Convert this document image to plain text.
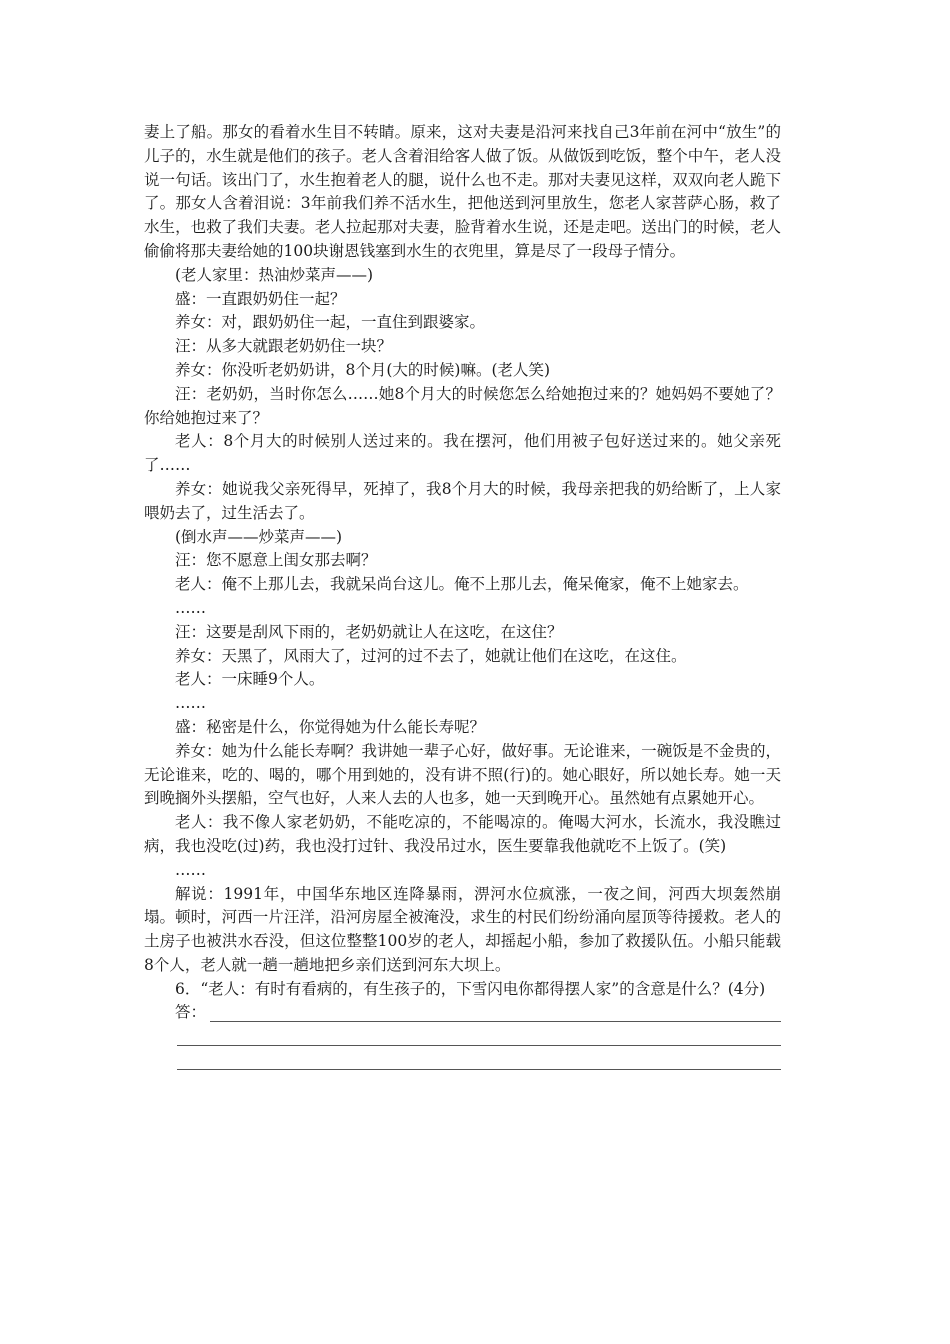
妻上了船。那女的看着水生目不转睛。原来，这对夫妻是沿河来找自己3年前在河中“放生”的儿子的，水生就是他们的孩子。老人含着泪给客人做了饭。从做饭到吃饭，整个中午，老人没说一句话。该出门了，水生抱着老人的腿，说什么也不走。那对夫妻见这样，双双向老人跪下了。那女人含着泪说：3年前我们养不活水生，把他送到河里放生，您老人家菩萨心肠，救了水生，也救了我们夫妻。老人拉起那对夫妻，脸背着水生说，还是走吧。送出门的时候，老人偷偷将那夫妻给她的100块谢恩钱塞到水生的衣兜里，算是尽了一段母子情分。

(老人家里：热油炒菜声——)

盛：一直跟奶奶住一起？

养女：对，跟奶奶住一起，一直住到跟婆家。

汪：从多大就跟老奶奶住一块？

养女：你没听老奶奶讲，8个月(大的时候)嘛。(老人笑)

汪：老奶奶，当时你怎么……她8个月大的时候您怎么给她抱过来的？她妈妈不要她了？你给她抱过来了？

老人：8个月大的时候别人送过来的。我在摆河，他们用被子包好送过来的。她父亲死了……

养女：她说我父亲死得早，死掉了，我8个月大的时候，我母亲把我的奶给断了，上人家喂奶去了，过生活去了。

(倒水声——炒菜声——)

汪：您不愿意上闺女那去啊？

老人：俺不上那儿去，我就呆尚台这儿。俺不上那儿去，俺呆俺家，俺不上她家去。

……

汪：这要是刮风下雨的，老奶奶就让人在这吃，在这住？

养女：天黑了，风雨大了，过河的过不去了，她就让他们在这吃，在这住。

老人：一床睡9个人。

……

盛：秘密是什么，你觉得她为什么能长寿呢？

养女：她为什么能长寿啊？我讲她一辈子心好，做好事。无论谁来，一碗饭是不金贵的，无论谁来，吃的、喝的，哪个用到她的，没有讲不照(行)的。她心眼好，所以她长寿。她一天到晚搁外头摆船，空气也好，人来人去的人也多，她一天到晚开心。虽然她有点累她开心。

老人：我不像人家老奶奶，不能吃凉的，不能喝凉的。俺喝大河水，长流水，我没瞧过病，我也没吃(过)药，我也没打过针、我没吊过水，医生要靠我他就吃不上饭了。(笑)

……

解说：1991年，中国华东地区连降暴雨，淠河水位疯涨，一夜之间，河西大坝轰然崩塌。顿时，河西一片汪洋，沿河房屋全被淹没，求生的村民们纷纷涌向屋顶等待援救。老人的土房子也被洪水吞没，但这位整整100岁的老人，却摇起小船，参加了救援队伍。小船只能载8个人，老人就一趟一趟地把乡亲们送到河东大坝上。

6．“老人：有时有看病的，有生孩子的，下雪闪电你都得摆人家”的含意是什么？(4分)

答：
